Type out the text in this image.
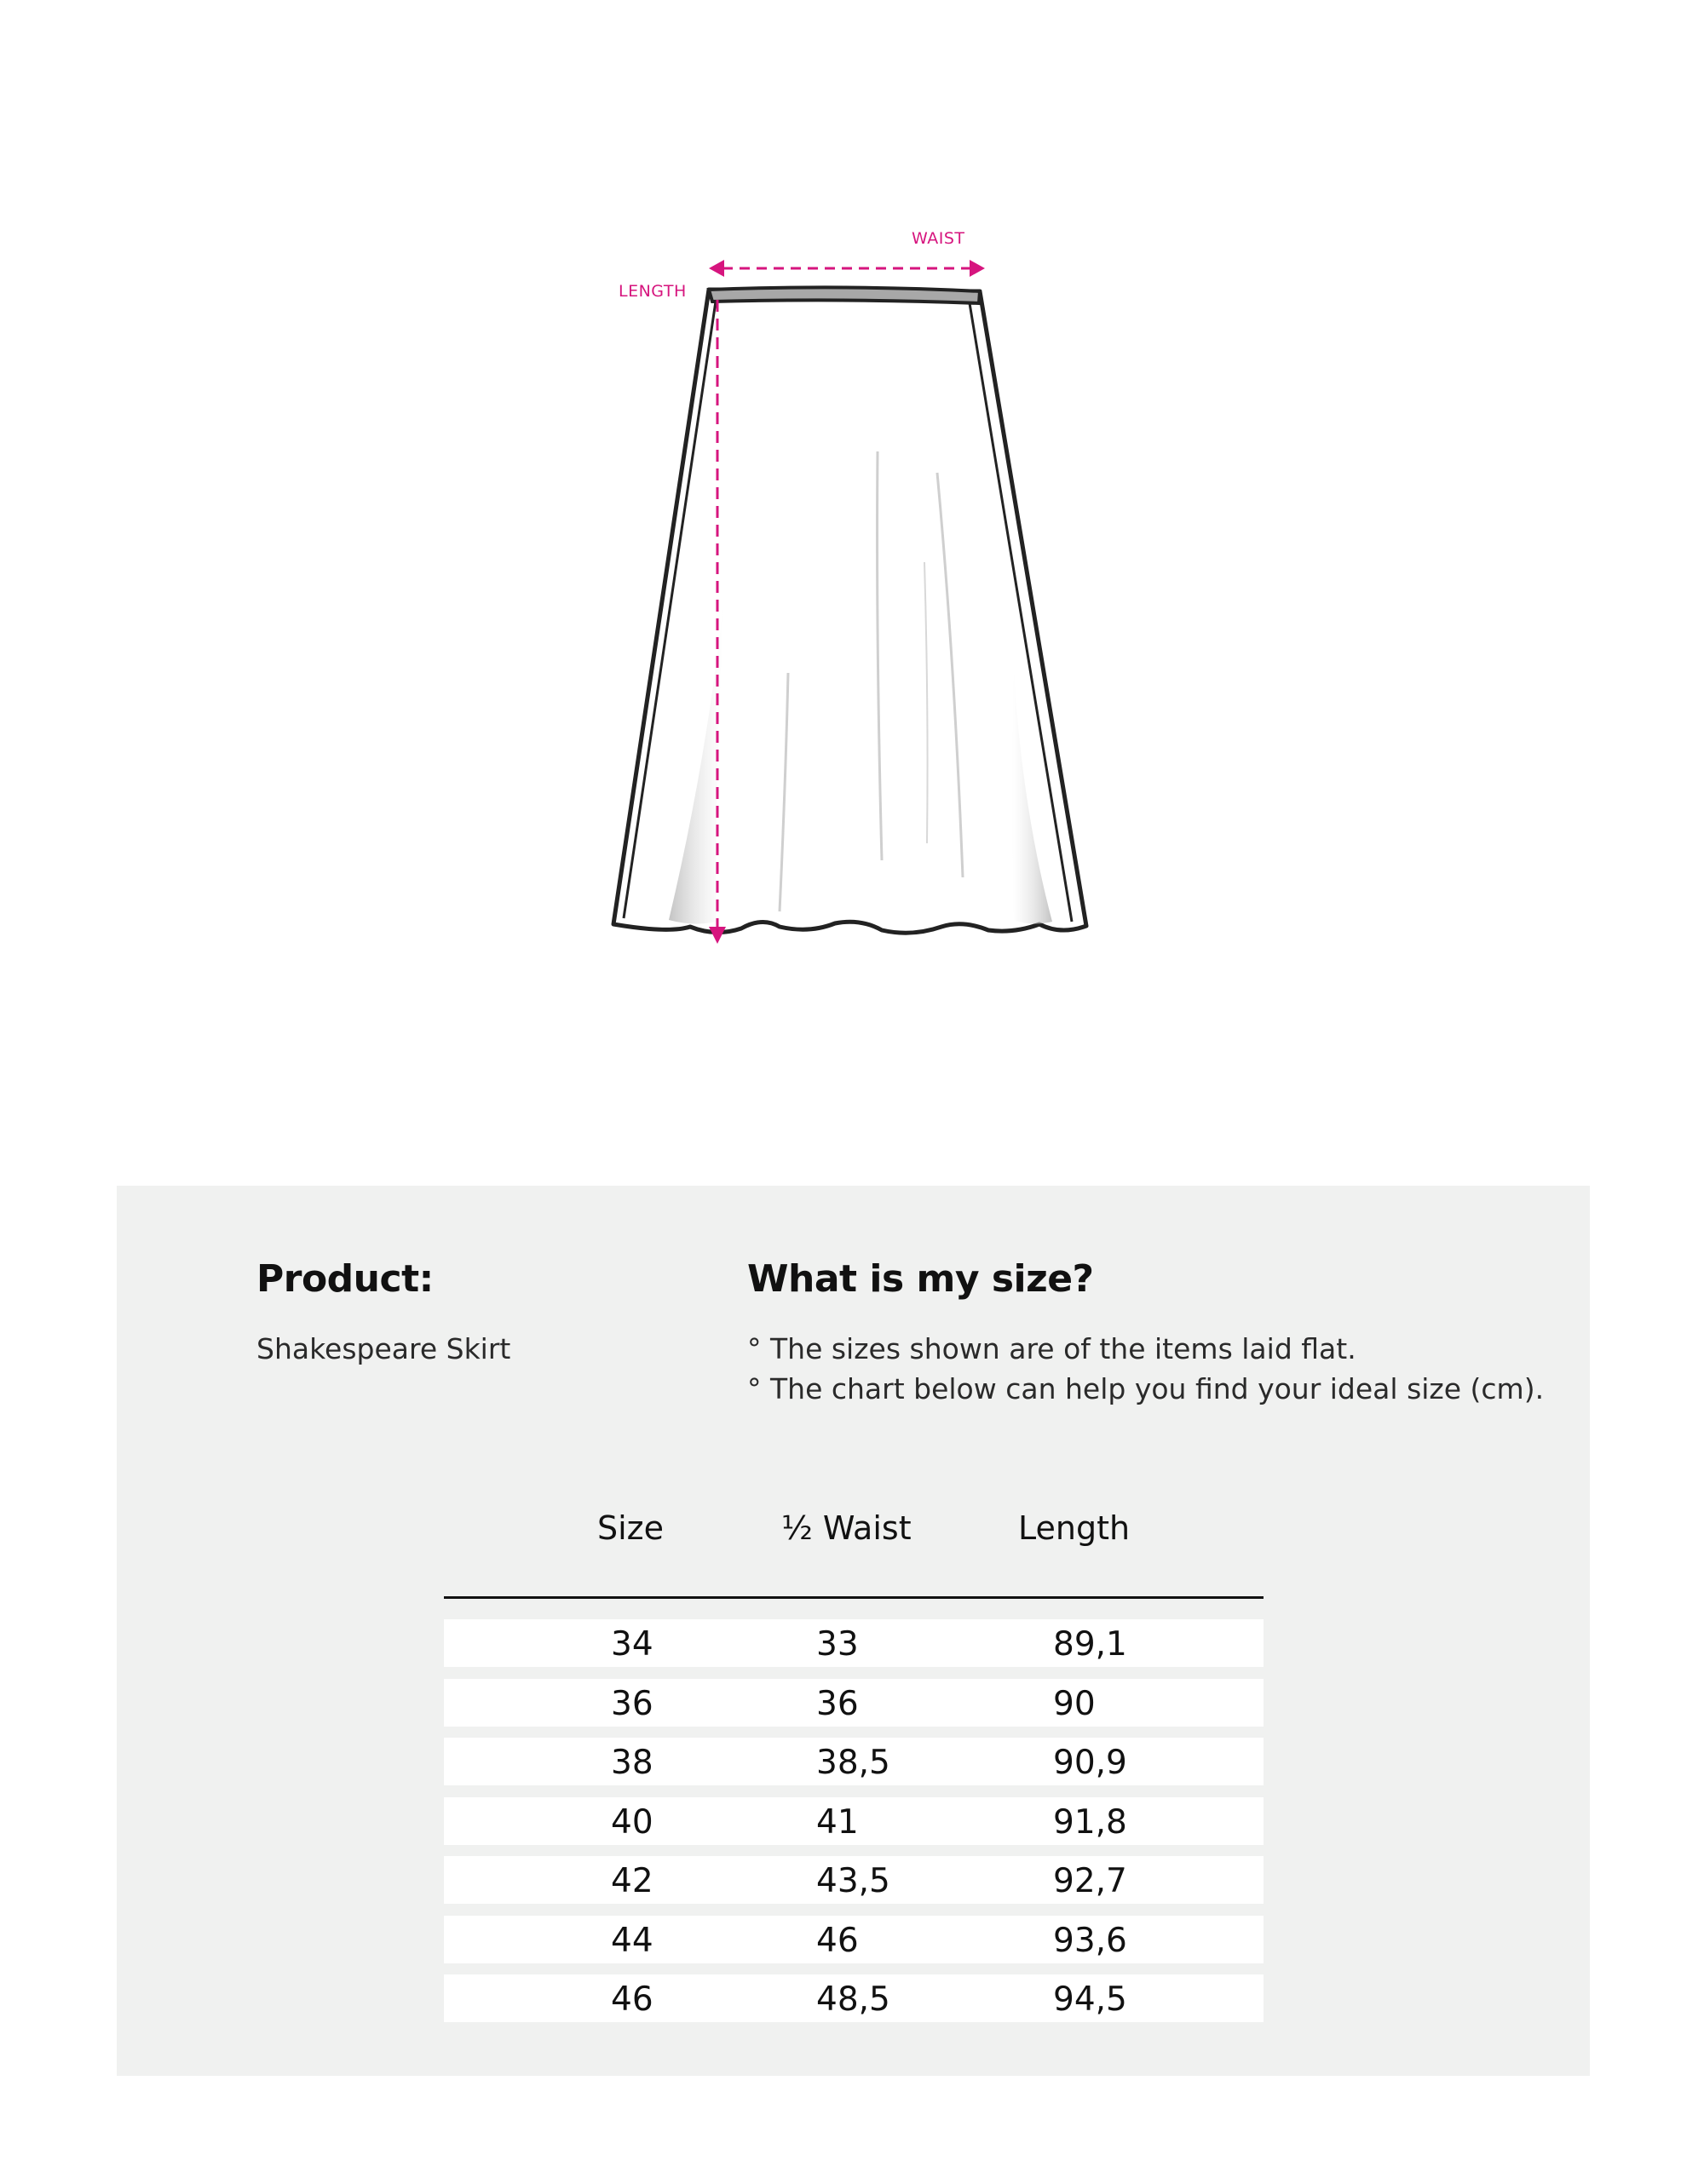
WAIST
LENGTH
Product:
Shakespeare Skirt
What is my size?
° The sizes shown are of the items laid flat.
° The chart below can help you find your ideal size (cm).
Size	½ Waist	Length
34	33	89,1
36	36	90
38	38,5	90,9
40	41	91,8
42	43,5	92,7
44	46	93,6
46	48,5	94,5
